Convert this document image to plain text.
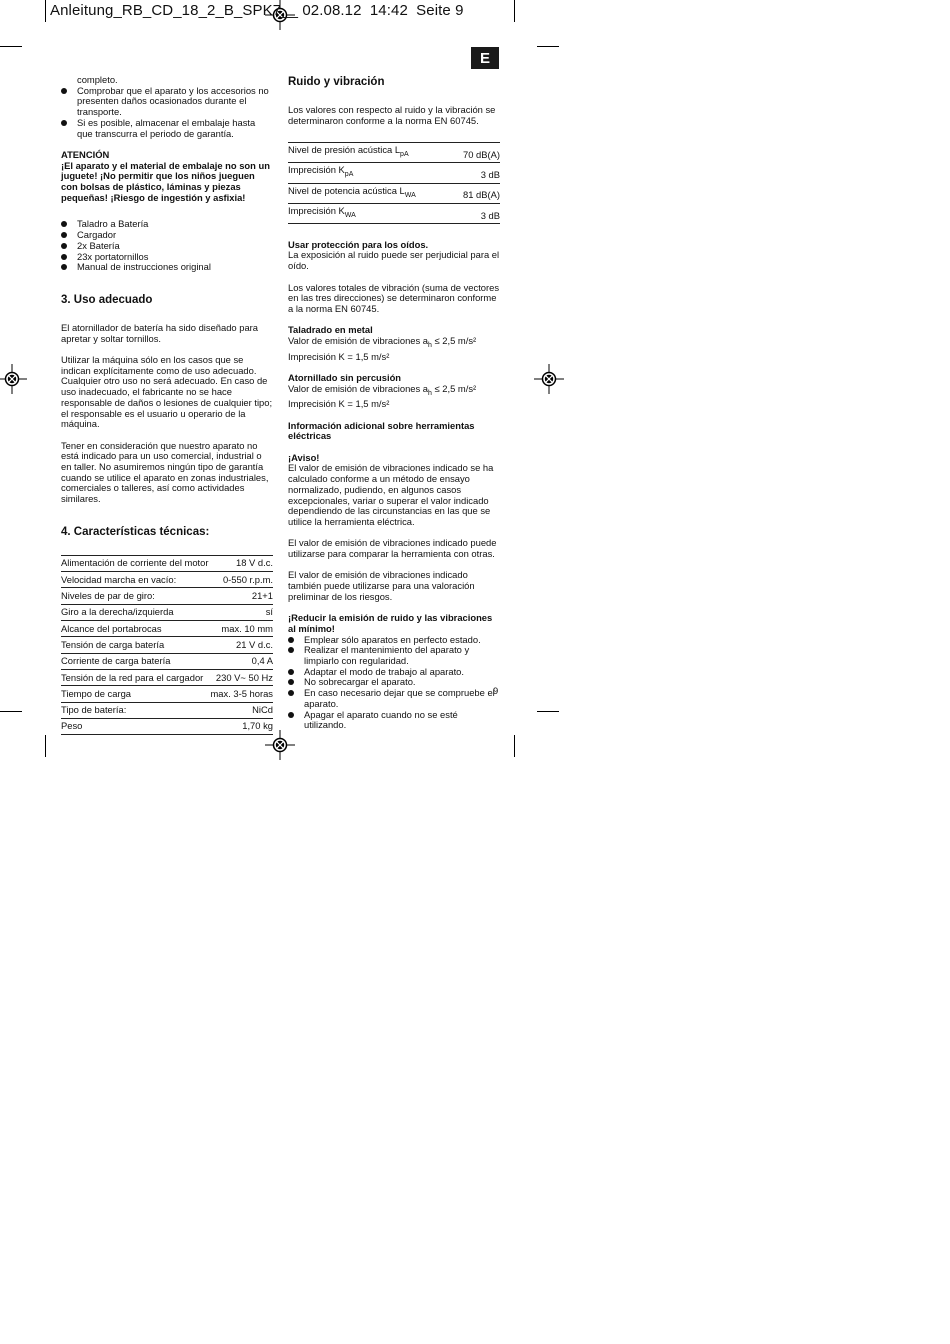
Anleitung_RB_CD_18_2_B_SPK7__ 02.08.12 14:42 Seite 9
E
completo.
Comprobar que el aparato y los accesorios no presenten daños ocasionados durante el transporte.
Si es posible, almacenar el embalaje hasta que transcurra el periodo de garantía.
ATENCIÓN
¡El aparato y el material de embalaje no son un juguete! ¡No permitir que los niños jueguen con bolsas de plástico, láminas y piezas pequeñas! ¡Riesgo de ingestión y asfixia!
Taladro a Batería
Cargador
2x Batería
23x portatornillos
Manual de instrucciones original
3. Uso adecuado
El atornillador de batería ha sido diseñado para apretar y soltar tornillos.
Utilizar la máquina sólo en los casos que se indican explícitamente como de uso adecuado. Cualquier otro uso no será adecuado. En caso de uso inadecuado, el fabricante no se hace responsable de daños o lesiones de cualquier tipo; el responsable es el usuario u operario de la máquina.
Tener en consideración que nuestro aparato no está indicado para un uso comercial, industrial o en taller. No asumiremos ningún tipo de garantía cuando se utilice el aparato en zonas industriales, comerciales o talleres, así como actividades similares.
4. Características técnicas:
Alimentación de corriente del motor	18 V d.c.
Velocidad marcha en vacío:	0-550 r.p.m.
Niveles de par de giro:	21+1
Giro a la derecha/izquierda	sí
Alcance del portabrocas	max. 10 mm
Tensión de carga batería	21 V d.c.
Corriente de carga batería	0,4 A
Tensión de la red para el cargador	230 V~ 50 Hz
Tiempo de carga	max. 3-5 horas
Tipo de batería:	NiCd
Peso	1,70 kg
Ruido y vibración
Los valores con respecto al ruido y la vibración se determinaron conforme a la norma EN 60745.
Nivel de presión acústica $L_{pA}$	70 dB(A)
Imprecisión $K_{pA}$	3 dB
Nivel de potencia acústica $L_{WA}$	81 dB(A)
Imprecisión $K_{WA}$	3 dB
Usar protección para los oídos.
La exposición al ruido puede ser perjudicial para el oído.
Los valores totales de vibración (suma de vectores en las tres direcciones) se determinaron conforme a la norma EN 60745.
Taladrado en metal
Valor de emisión de vibraciones $a_h \le 2,5$ m/s²
Imprecisión K = 1,5 m/s²
Atornillado sin percusión
Valor de emisión de vibraciones $a_h \le 2,5$ m/s²
Imprecisión K = 1,5 m/s²
Información adicional sobre herramientas eléctricas
¡Aviso!
El valor de emisión de vibraciones indicado se ha calculado conforme a un método de ensayo normalizado, pudiendo, en algunos casos excepcionales, variar o superar el valor indicado dependiendo de las circunstancias en las que se utilice la herramienta eléctrica.
El valor de emisión de vibraciones indicado puede utilizarse para comparar la herramienta con otras.
El valor de emisión de vibraciones indicado también puede utilizarse para una valoración preliminar de los riesgos.
¡Reducir la emisión de ruido y las vibraciones al mínimo!
Emplear sólo aparatos en perfecto estado.
Realizar el mantenimiento del aparato y limpiarlo con regularidad.
Adaptar el modo de trabajo al aparato.
No sobrecargar el aparato.
En caso necesario dejar que se compruebe el aparato.
Apagar el aparato cuando no se esté utilizando.
9
